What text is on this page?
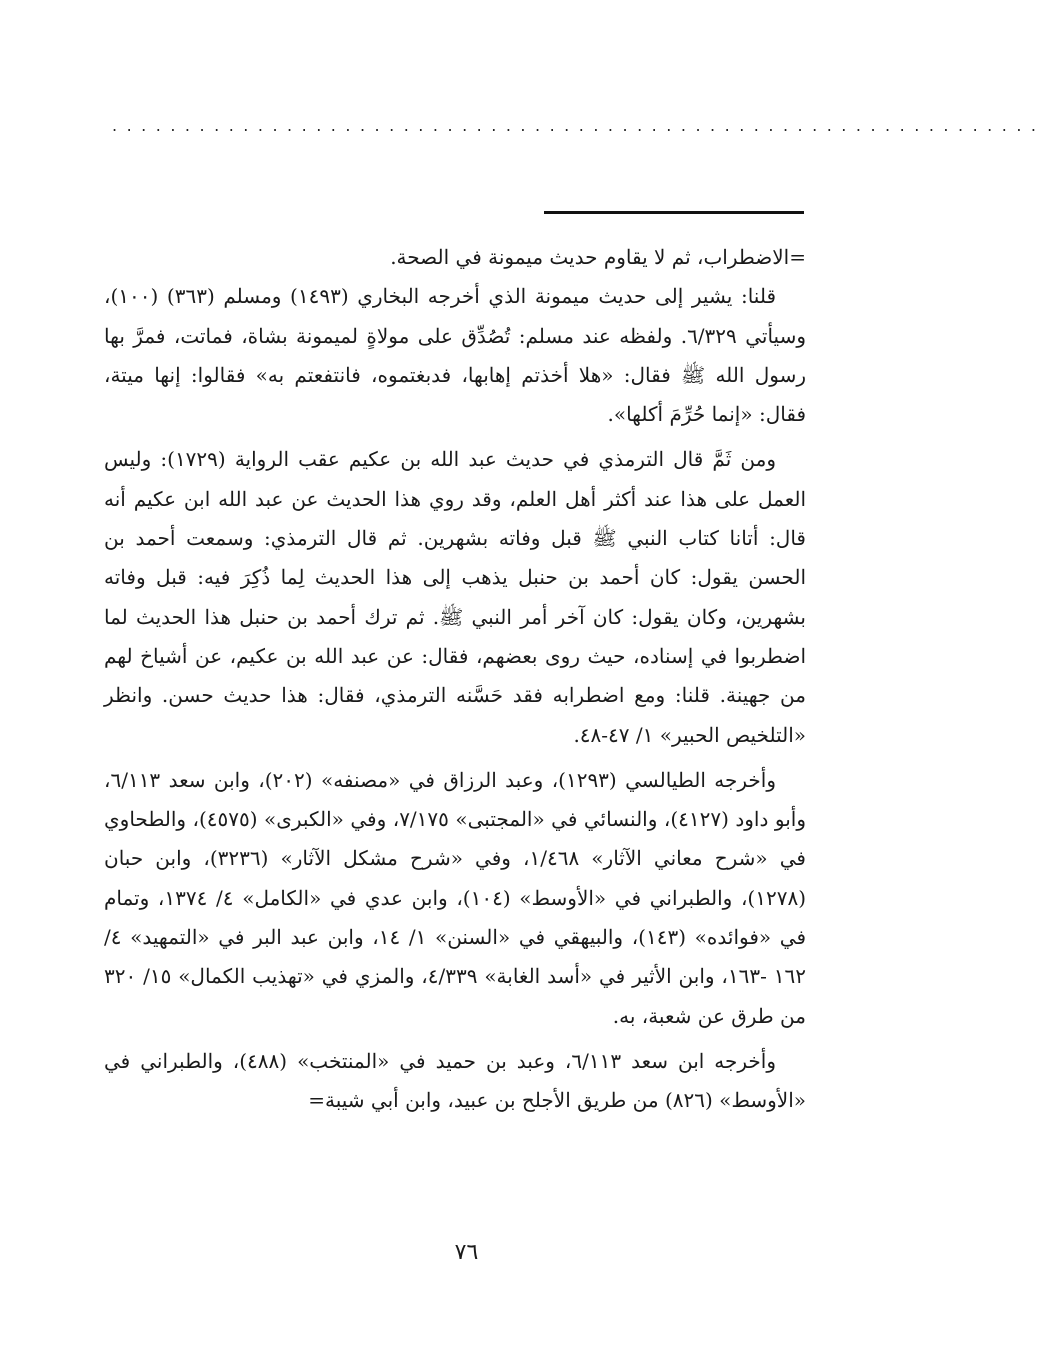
................................................................

=الاضطراب، ثم لا يقاوم حديث ميمونة في الصحة.

قلنا: يشير إلى حديث ميمونة الذي أخرجه البخاري (١٤٩٣) ومسلم (٣٦٣) (١٠٠)، وسيأتي ٦/٣٢٩. ولفظه عند مسلم: تُصُدِّق على مولاةٍ لميمونة بشاة، فماتت، فمرَّ بها رسول الله ﷺ فقال: «هلا أخذتم إهابها، فدبغتموه، فانتفعتم به» فقالوا: إنها ميتة، فقال: «إنما حُرِّمَ أكلها».

ومن ثَمَّ قال الترمذي في حديث عبد الله بن عكيم عقب الرواية (١٧٢٩): وليس العمل على هذا عند أكثر أهل العلم، وقد روي هذا الحديث عن عبد الله ابن عكيم أنه قال: أتانا كتاب النبي ﷺ قبل وفاته بشهرين. ثم قال الترمذي: وسمعت أحمد بن الحسن يقول: كان أحمد بن حنبل يذهب إلى هذا الحديث لِما ذُكِرَ فيه: قبل وفاته بشهرين، وكان يقول: كان آخر أمر النبي ﷺ. ثم ترك أحمد بن حنبل هذا الحديث لما اضطربوا في إسناده، حيث روى بعضهم، فقال: عن عبد الله بن عكيم، عن أشياخ لهم من جهينة. قلنا: ومع اضطرابه فقد حَسَّنه الترمذي، فقال: هذا حديث حسن. وانظر «التلخيص الحبير» ١/ ٤٧-٤٨.

وأخرجه الطيالسي (١٢٩٣)، وعبد الرزاق في «مصنفه» (٢٠٢)، وابن سعد ٦/١١٣، وأبو داود (٤١٢٧)، والنسائي في «المجتبى» ٧/١٧٥، وفي «الكبرى» (٤٥٧٥)، والطحاوي في «شرح معاني الآثار» ١/٤٦٨، وفي «شرح مشكل الآثار» (٣٢٣٦)، وابن حبان (١٢٧٨)، والطبراني في «الأوسط» (١٠٤)، وابن عدي في «الكامل» ٤/ ١٣٧٤، وتمام في «فوائده» (١٤٣)، والبيهقي في «السنن» ١/ ١٤، وابن عبد البر في «التمهيد» ٤/ ١٦٢ -١٦٣، وابن الأثير في «أسد الغابة» ٤/٣٣٩، والمزي في «تهذيب الكمال» ١٥/ ٣٢٠ من طرق عن شعبة، به.

وأخرجه ابن سعد ٦/١١٣، وعبد بن حميد في «المنتخب» (٤٨٨)، والطبراني في «الأوسط» (٨٢٦) من طريق الأجلح بن عبيد، وابن أبي شيبة=

٧٦
